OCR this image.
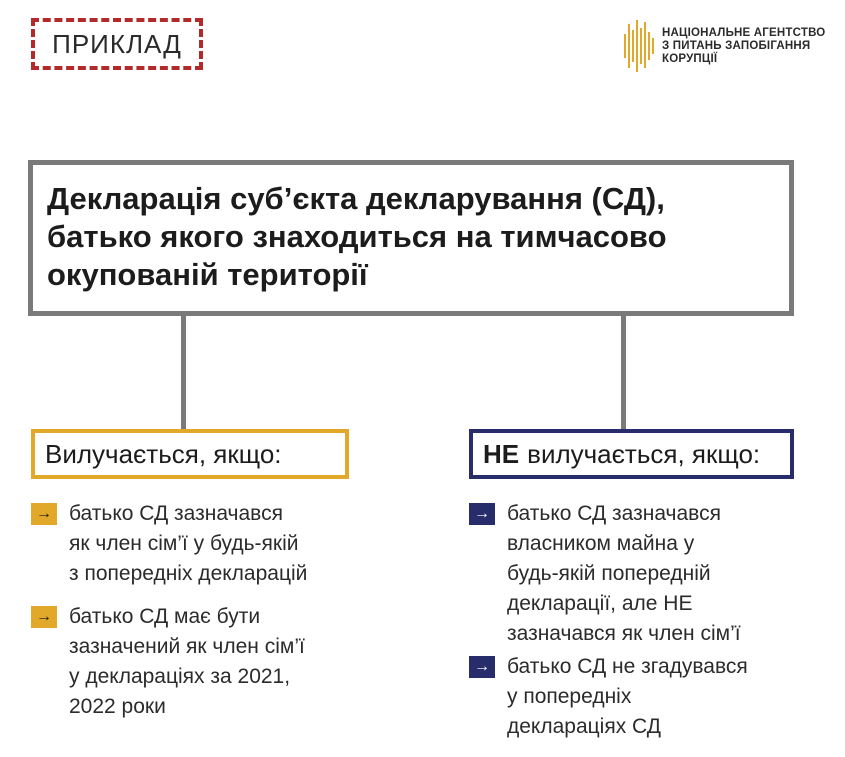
ПРИКЛАД	НАЦІОНАЛЬНЕ АГЕНТСТВО
З ПИТАНЬ ЗАПОБІГАННЯ
КОРУПЦІЇ
Декларація суб’єкта декларування (СД),
батько якого знаходиться на тимчасово
окупованій території
Вилучається, якщо:	НЕ вилучається, якщо:
→ батько СД зазначався
як член сім’ї у будь-якій
з попередніх декларацій
→ батько СД має бути
зазначений як член сім’ї
у деклараціях за 2021,
2022 роки
→ батько СД зазначався
власником майна у
будь-якій попередній
декларації, але НЕ
зазначався як член сім’ї
→ батько СД не згадувався
у попередніх
деклараціях СД
